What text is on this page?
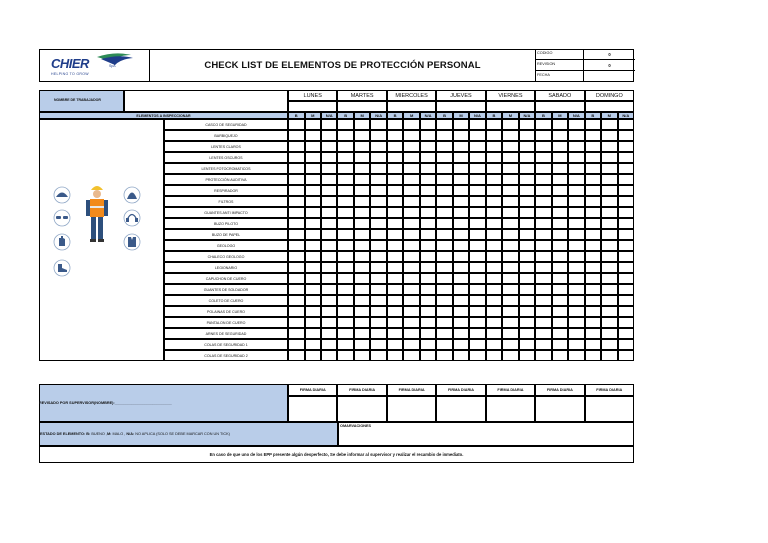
CHIER	SpA
HELPING TO GROW
CHECK LIST DE ELEMENTOS DE PROTECCIÓN PERSONAL
CODIGO	0
REVISION	0
FECHA
NOMBRE DE TRABAJADOR
LUNES
B	M	N/A
MARTES
B	M	N/A
MIERCOLES
B	M	N/A
JUEVES
B	M	N/A
VIERNES
B	M	N/A
SABADO
B	M	N/A
DOMINGO
B	M	N/A
ELEMENTOS A INSPECCIONAR
CASCO DE SEGURIDAD
BARBIQUEJO
LENTES CLAROS
LENTES OSCUROS
LENTES FOTOCROMATICOS
PROTECCIÓN AUDITIVA
RESPIRADOR
FILTROS
GUANTES ANTI IMPACTO
BUZO PILOTO
BUZO DE PAPEL
GEOLOGO
CHALECO GEOLOGO
LEGIONARIO
CAPUCHON DE CUERO
GUANTES DE SOLDADOR
COLETO DE CUERO
POLAINAS DE CUERO
PANTALON DE CUERO
ARNES DE SEGURIDAD
COLAS DE SEGURIDAD 1
COLAS DE SEGURIDAD 2
REVISADO POR SUPERVISOR(NOMBRE):___________________________
FIRMA DIARIA	FIRMA DIARIA	FIRMA DIARIA	FIRMA DIARIA	FIRMA DIARIA	FIRMA DIARIA	FIRMA DIARIA
ESTADO DE ELEMENTO: B: BUENO ,M: MALO , N/A: NO APLICA (SOLO SE DEBE MARCAR CON UN TICK)
OMARVACIONES
En caso de que uno de los EPP presente algún desperfecto, Se debe informar al supervisor y realizar el recambio de inmediato.
